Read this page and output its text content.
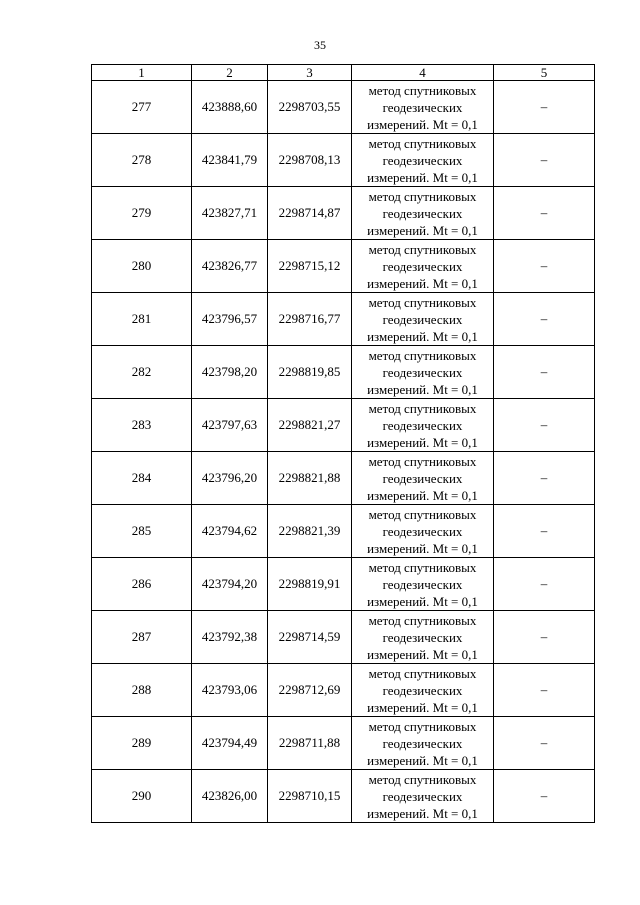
35
1	2	3	4	5
277	423888,60	2298703,55	метод спутниковых
геодезических
измерений. Mt = 0,1	–
278	423841,79	2298708,13	метод спутниковых
геодезических
измерений. Mt = 0,1	–
279	423827,71	2298714,87	метод спутниковых
геодезических
измерений. Mt = 0,1	–
280	423826,77	2298715,12	метод спутниковых
геодезических
измерений. Mt = 0,1	–
281	423796,57	2298716,77	метод спутниковых
геодезических
измерений. Mt = 0,1	–
282	423798,20	2298819,85	метод спутниковых
геодезических
измерений. Mt = 0,1	–
283	423797,63	2298821,27	метод спутниковых
геодезических
измерений. Mt = 0,1	–
284	423796,20	2298821,88	метод спутниковых
геодезических
измерений. Mt = 0,1	–
285	423794,62	2298821,39	метод спутниковых
геодезических
измерений. Mt = 0,1	–
286	423794,20	2298819,91	метод спутниковых
геодезических
измерений. Mt = 0,1	–
287	423792,38	2298714,59	метод спутниковых
геодезических
измерений. Mt = 0,1	–
288	423793,06	2298712,69	метод спутниковых
геодезических
измерений. Mt = 0,1	–
289	423794,49	2298711,88	метод спутниковых
геодезических
измерений. Mt = 0,1	–
290	423826,00	2298710,15	метод спутниковых
геодезических
измерений. Mt = 0,1	–
